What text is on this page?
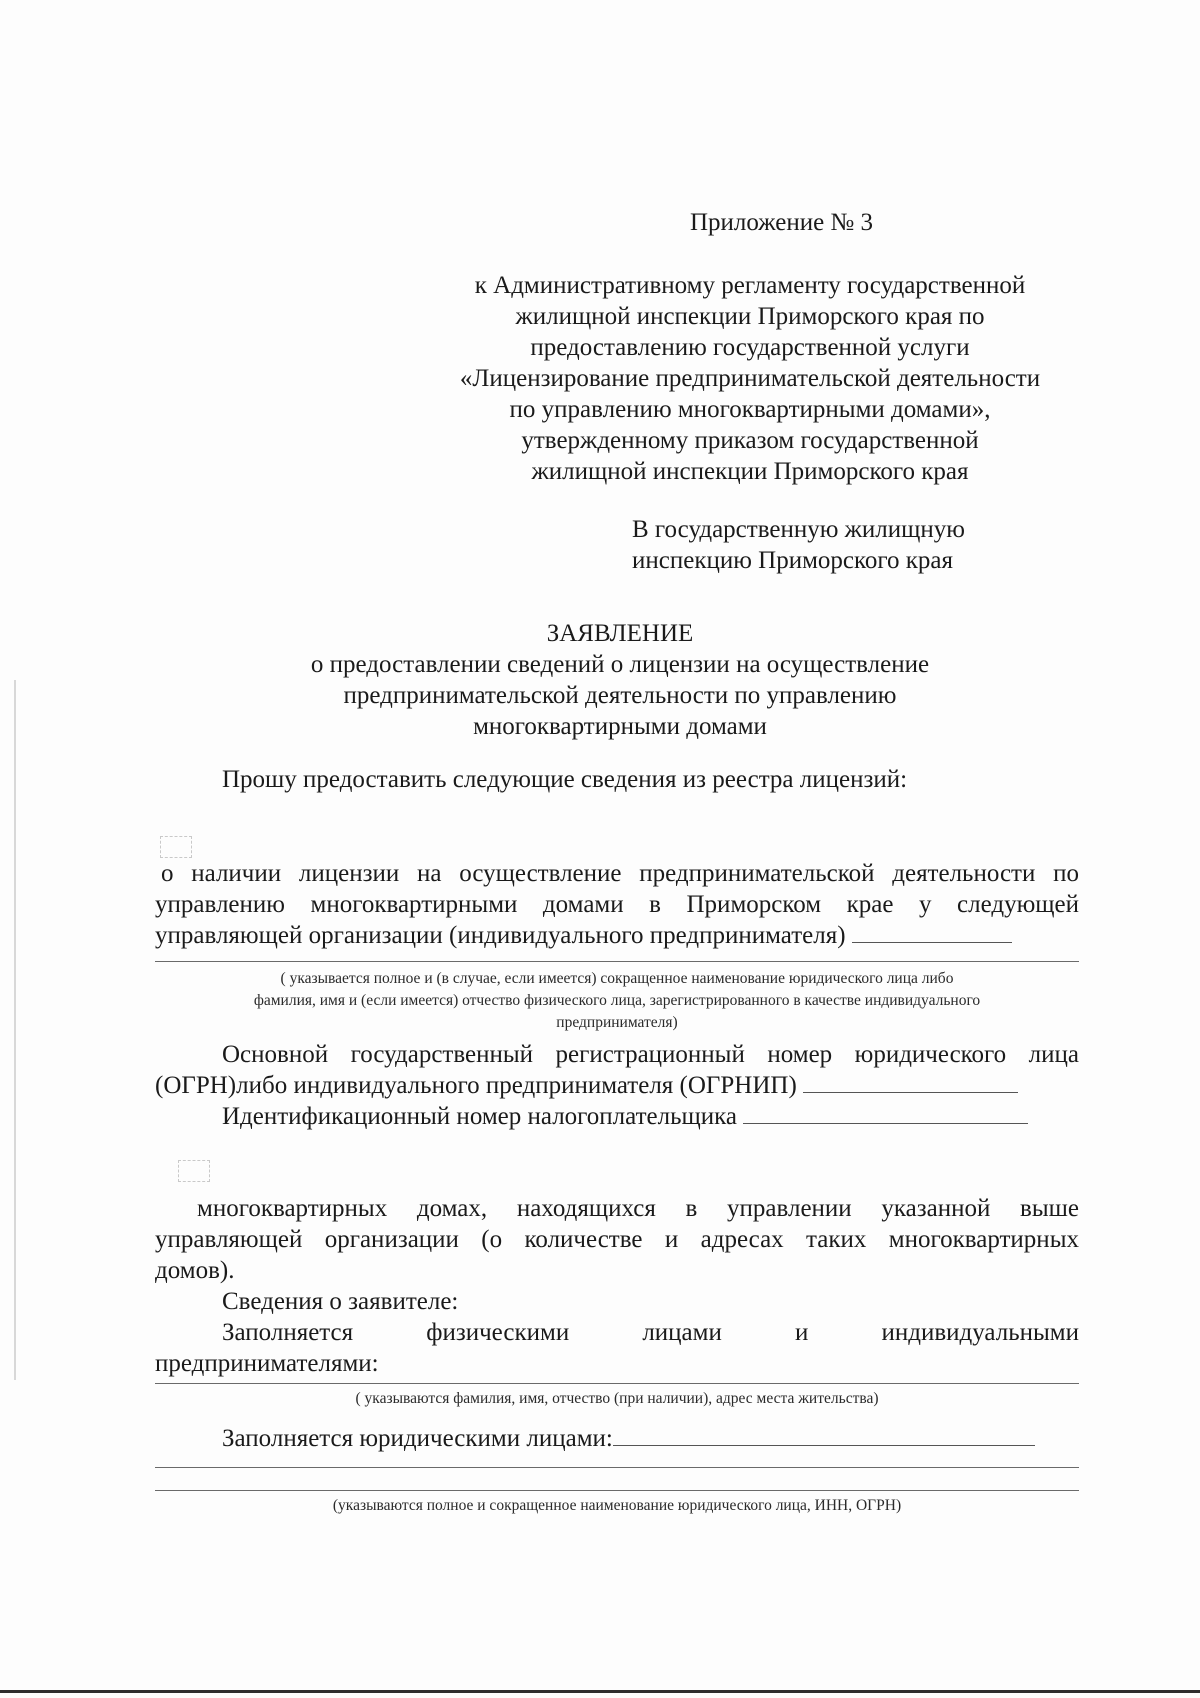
Приложение № 3
к Административному регламенту государственной
жилищной инспекции Приморского края по
предоставлению государственной услуги
«Лицензирование предпринимательской деятельности
по управлению многоквартирными домами»,
утвержденному приказом государственной
жилищной инспекции Приморского края
В государственную жилищную
инспекцию Приморского края
ЗАЯВЛЕНИЕ
о предоставлении сведений о лицензии на осуществление
предпринимательской деятельности по управлению
многоквартирными домами
Прошу предоставить следующие сведения из реестра лицензий:
о наличии лицензии на осуществление предпринимательской деятельности по
управлению многоквартирными домами в Приморском крае у следующей
управляющей организации (индивидуального предпринимателя)
( указывается полное и (в случае, если имеется) сокращенное наименование юридического лица либо
фамилия, имя и (если имеется) отчество физического лица, зарегистрированного в качестве индивидуального
предпринимателя)
Основной государственный регистрационный номер юридического лица
(ОГРН)либо индивидуального предпринимателя (ОГРНИП)
Идентификационный номер налогоплательщика
многоквартирных домах, находящихся в управлении указанной выше
управляющей организации (о количестве и адресах таких многоквартирных
домов).
Сведения о заявителе:
Заполняется физическими лицами и индивидуальными
предпринимателями:
( указываются фамилия, имя, отчество (при наличии), адрес места жительства)
Заполняется юридическими лицами:
(указываются полное и сокращенное наименование юридического лица, ИНН, ОГРН)
